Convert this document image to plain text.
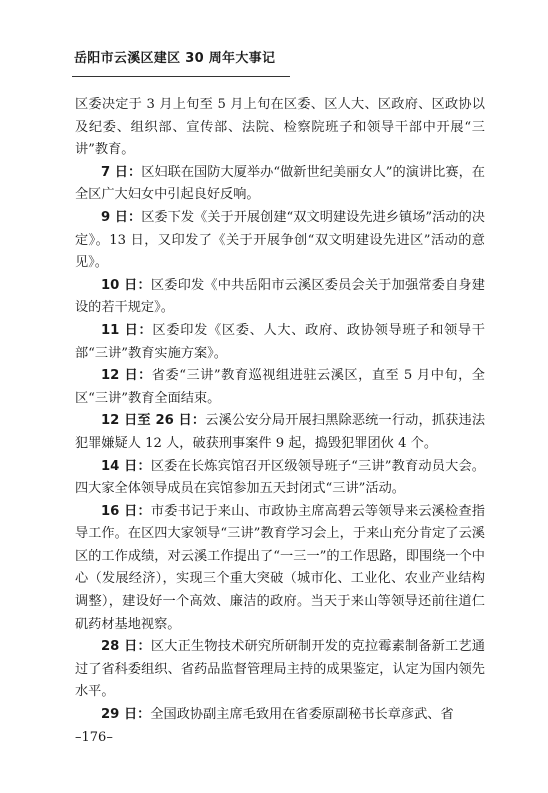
岳阳市云溪区建区 30 周年大事记

区委决定于 3 月上旬至 5 月上旬在区委、区人大、区政府、区政协以及纪委、组织部、宣传部、法院、检察院班子和领导干部中开展“三讲”教育。

7 日：区妇联在国防大厦举办“做新世纪美丽女人”的演讲比赛，在全区广大妇女中引起良好反响。

9 日：区委下发《关于开展创建“双文明建设先进乡镇场”活动的决定》。13 日，又印发了《关于开展争创“双文明建设先进区”活动的意见》。

10 日：区委印发《中共岳阳市云溪区委员会关于加强常委自身建设的若干规定》。

11 日：区委印发《区委、人大、政府、政协领导班子和领导干部“三讲”教育实施方案》。

12 日：省委“三讲”教育巡视组进驻云溪区，直至 5 月中旬，全区“三讲”教育全面结束。

12 日至 26 日：云溪公安分局开展扫黑除恶统一行动，抓获违法犯罪嫌疑人 12 人，破获刑事案件 9 起，捣毁犯罪团伙 4 个。

14 日：区委在长炼宾馆召开区级领导班子“三讲”教育动员大会。四大家全体领导成员在宾馆参加五天封闭式“三讲”活动。

16 日：市委书记于来山、市政协主席高碧云等领导来云溪检查指导工作。在区四大家领导“三讲”教育学习会上，于来山充分肯定了云溪区的工作成绩，对云溪工作提出了“一三一”的工作思路，即围绕一个中心（发展经济），实现三个重大突破（城市化、工业化、农业产业结构调整），建设好一个高效、廉洁的政府。当天于来山等领导还前往道仁矶药材基地视察。

28 日：区大正生物技术研究所研制开发的克拉霉素制备新工艺通过了省科委组织、省药品监督管理局主持的成果鉴定，认定为国内领先水平。

29 日：全国政协副主席毛致用在省委原副秘书长章彦武、省

–176–
